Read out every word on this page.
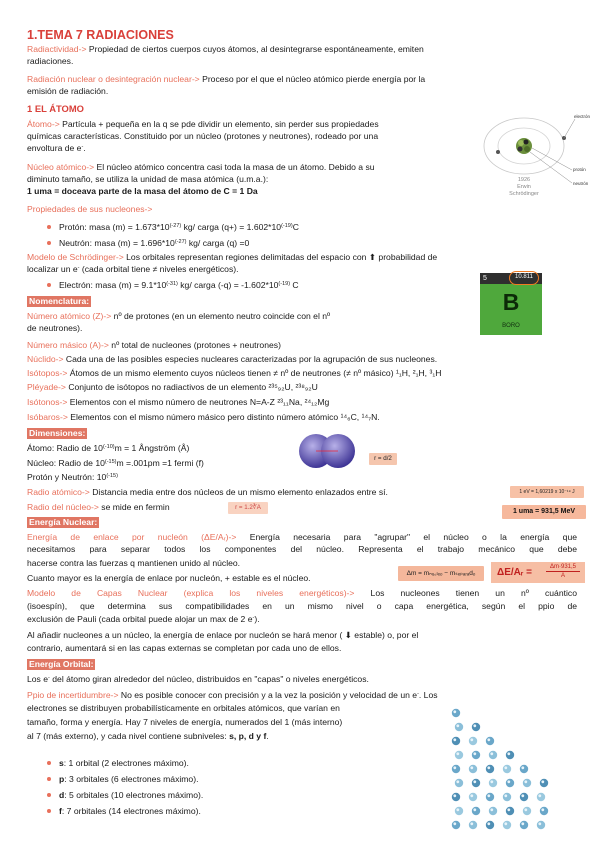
1.TEMA 7 RADIACIONES
Radiactividad-> Propiedad de ciertos cuerpos cuyos átomos, al desintegrarse espontáneamente, emiten
radiaciones.
Radiación nuclear o desintegración nuclear-> Proceso por el que el núcleo atómico pierde energía por la
emisión de radiación.
1 EL ÁTOMO
Átomo-> Partícula + pequeña en la q se pde dividir un elemento, sin perder sus propiedades
químicas características. Constituido por un núcleo (protones y neutrones), rodeado por una
envoltura de e-.
Núcleo atómico-> El núcleo atómico concentra casi toda la masa de un átomo. Debido a su
diminuto tamaño, se utiliza la unidad de masa atómica (u.m.a.):
1 uma = doceava parte de la masa del átomo de C = 1 Da
Propiedades de sus nucleones->
Protón: masa $(m) = 1.673*10^{(-27)}$ kg/ carga $(q+) = 1.602*10^{(-19)}C$
Neutrón: masa $(m) = 1.696*10^{(-27)}$ kg/ carga (q) =0
Modelo de Schrödinger-> Los orbitales representan regiones delimitadas del espacio con ⬆ probabilidad de
localizar un e- (cada orbital tiene ≠ niveles energéticos).
Electrón: masa $(m) = 9.1*10^{(-31)}$ kg/ carga $(-q) = -1.602*10^{(-19)}$ C
electrón
protón
neutrón
1926
Erwin
Schrödinger
5	10.811
B
BORO
Nomenclatura:
Número atómico (Z)-> nº de protones (en un elemento neutro coincide con el nº
de neutrones).
Número másico (A)-> nº total de nucleones (protones + neutrones)
Núclido-> Cada una de las posibles especies nucleares caracterizadas por la agrupación de sus nucleones.
Isótopos-> Átomos de un mismo elemento cuyos núcleos tienen ≠ nº de neutrones (≠ nº másico) ¹₁H, ²₁H, ³₁H
Pléyade-> Conjunto de isótopos no radiactivos de un elemento ²³⁵₉₂U, ²³⁸₉₂U
Isótonos-> Elementos con el mismo número de neutrones N=A-Z ²³₁₁Na, ²⁴₁₂Mg
Isóbaros-> Elementos con el mismo número másico pero distinto número atómico ¹⁴₆C, ¹⁴₇N.
Dimensiones:
Átomo: Radio de $10^{(-10)}m = 1$ Ångström (Å)
Núcleo: Radio de $10^{(-15)}m =.001pm =1$ fermi (f)
Protón y Neutrón: $10^{(-15)}$
Radio atómico-> Distancia media entre dos núcleos de un mismo elemento enlazados entre sí.
Radio del núcleo-> se mide en fermin
r = d/2
r = 1.2∛A
1 eV = 1,60219 x 10⁻¹⁹ J
1 uma = 931,5 MeV
Energía Nuclear:
Energía de enlace por nucleón (ΔE/Aᵣ)-> Energía necesaria para "agrupar" el núcleo o la energía que
necesitamos para separar todos los componentes del núcleo. Representa el trabajo mecánico que debe
hacerse contra las fuerzas q mantienen unido al núcleo.
Cuanto mayor es la energía de enlace por nucleón, + estable es el núcleo.	Δm = mₙᵤ꜀ₗₑₒ − mₛₑₚₐᵣₐdₒ	ΔE/Aᵣ =	Δm·931,5
A
Modelo de Capas Nuclear (explica los niveles energéticos)-> Los nucleones tienen un nº cuántico
(isoespín), que determina sus compatibilidades en un mismo nivel o capa energética, según el ppio de
exclusión de Pauli (cada orbital puede alojar un max de 2 e-).
Al añadir nucleones a un núcleo, la energía de enlace por nucleón se hará menor ( ⬇ estable) o, por el
contrario, aumentará si en las capas externas se completan por cada uno de ellos.
Energía Orbital:
Los e- del átomo giran alrededor del núcleo, distribuidos en "capas" o niveles energéticos.
Ppio de incertidumbre-> No es posible conocer con precisión y a la vez la posición y velocidad de un e-. Los
electrones se distribuyen probabilísticamente en orbitales atómicos, que varían en
tamaño, forma y energía. Hay 7 niveles de energía, numerados del 1 (más interno)
al 7 (más externo), y cada nivel contiene subniveles: s, p, d y f.
s: 1 orbital (2 electrones máximo).
p: 3 orbitales (6 electrones máximo).
d: 5 orbitales (10 electrones máximo).
f: 7 orbitales (14 electrones máximo).
